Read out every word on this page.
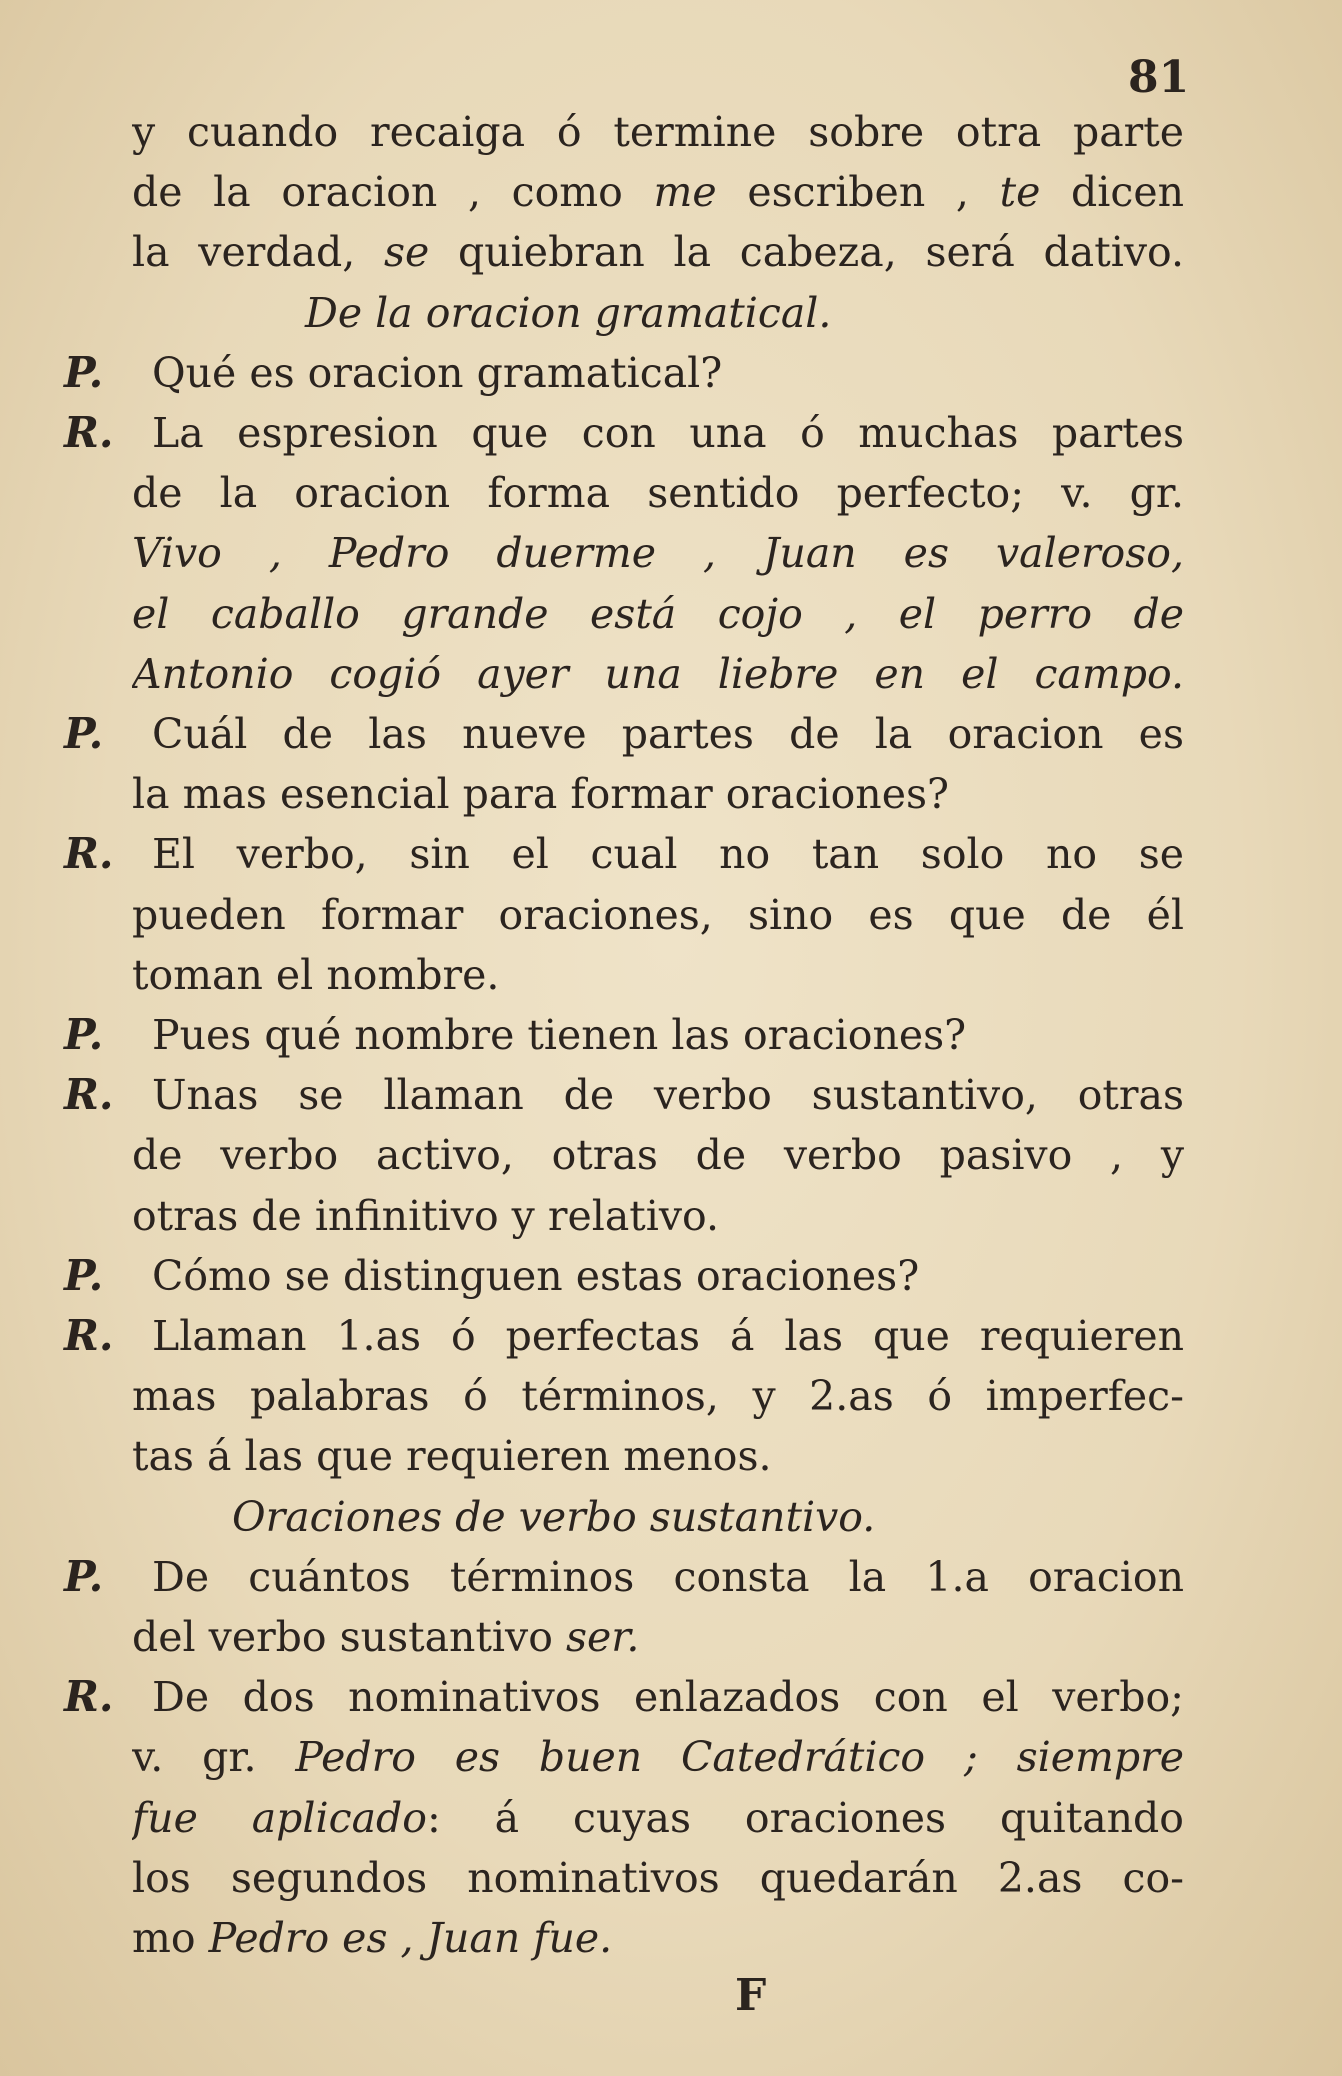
81
y cuando recaiga ó termine sobre otra parte
de la oracion , como me escriben , te dicen
la verdad, se quiebran la cabeza, será dativo.
De la oracion gramatical.
P. Qué es oracion gramatical?
R. La espresion que con una ó muchas partes
de la oracion forma sentido perfecto; v. gr.
Vivo , Pedro duerme , Juan es valeroso,
el caballo grande está cojo , el perro de
Antonio cogió ayer una liebre en el campo.
P. Cuál de las nueve partes de la oracion es
la mas esencial para formar oraciones?
R. El verbo, sin el cual no tan solo no se
pueden formar oraciones, sino es que de él
toman el nombre.
P. Pues qué nombre tienen las oraciones?
R. Unas se llaman de verbo sustantivo, otras
de verbo activo, otras de verbo pasivo , y
otras de infinitivo y relativo.
P. Cómo se distinguen estas oraciones?
R. Llaman 1.as ó perfectas á las que requieren
mas palabras ó términos, y 2.as ó imperfec-
tas á las que requieren menos.
Oraciones de verbo sustantivo.
P. De cuántos términos consta la 1.a oracion
del verbo sustantivo ser.
R. De dos nominativos enlazados con el verbo;
v. gr. Pedro es buen Catedrático ; siempre
fue aplicado: á cuyas oraciones quitando
los segundos nominativos quedarán 2.as co-
mo Pedro es , Juan fue.
F
